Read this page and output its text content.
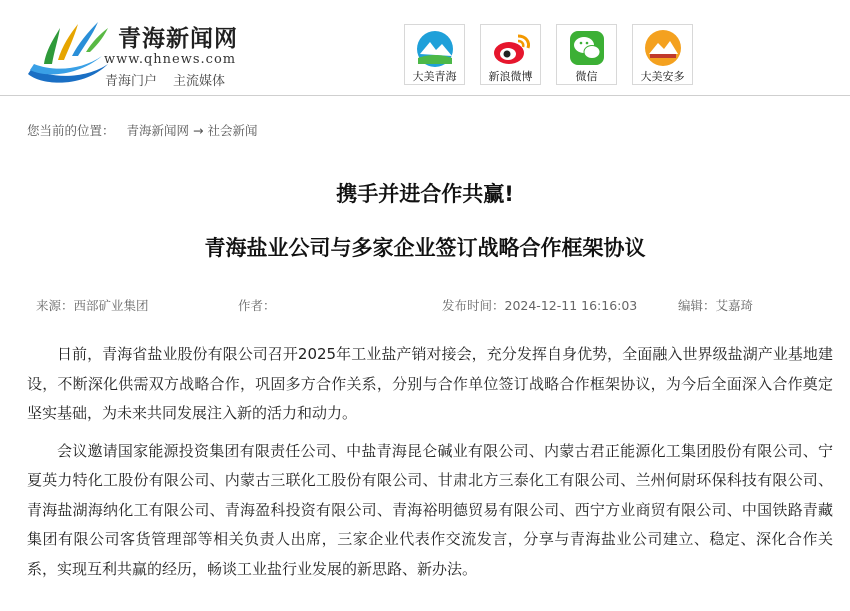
青海新闻网
www.qhnews.com
青海门户 主流媒体	大美青海	新浪微博	微信	大美安多
您当前的位置： 青海新闻网 → 社会新闻
携手并进合作共赢!
青海盐业公司与多家企业签订战略合作框架协议
来源：西部矿业集团	作者：	发布时间：2024-12-11 16:16:03	编辑：艾嘉琦

日前，青海省盐业股份有限公司召开2025年工业盐产销对接会，充分发挥自身优势，全面融入世界级盐湖产业基地建设，不断深化供需双方战略合作，巩固多方合作关系，分别与合作单位签订战略合作框架协议，为今后全面深入合作奠定坚实基础，为未来共同发展注入新的活力和动力。

会议邀请国家能源投资集团有限责任公司、中盐青海昆仑碱业有限公司、内蒙古君正能源化工集团股份有限公司、宁夏英力特化工股份有限公司、内蒙古三联化工股份有限公司、甘肃北方三泰化工有限公司、兰州何尉环保科技有限公司、青海盐湖海纳化工有限公司、青海盈科投资有限公司、青海裕明德贸易有限公司、西宁方业商贸有限公司、中国铁路青藏集团有限公司客货管理部等相关负责人出席，三家企业代表作交流发言，分享与青海盐业公司建立、稳定、深化合作关系，实现互利共赢的经历，畅谈工业盐行业发展的新思路、新办法。
